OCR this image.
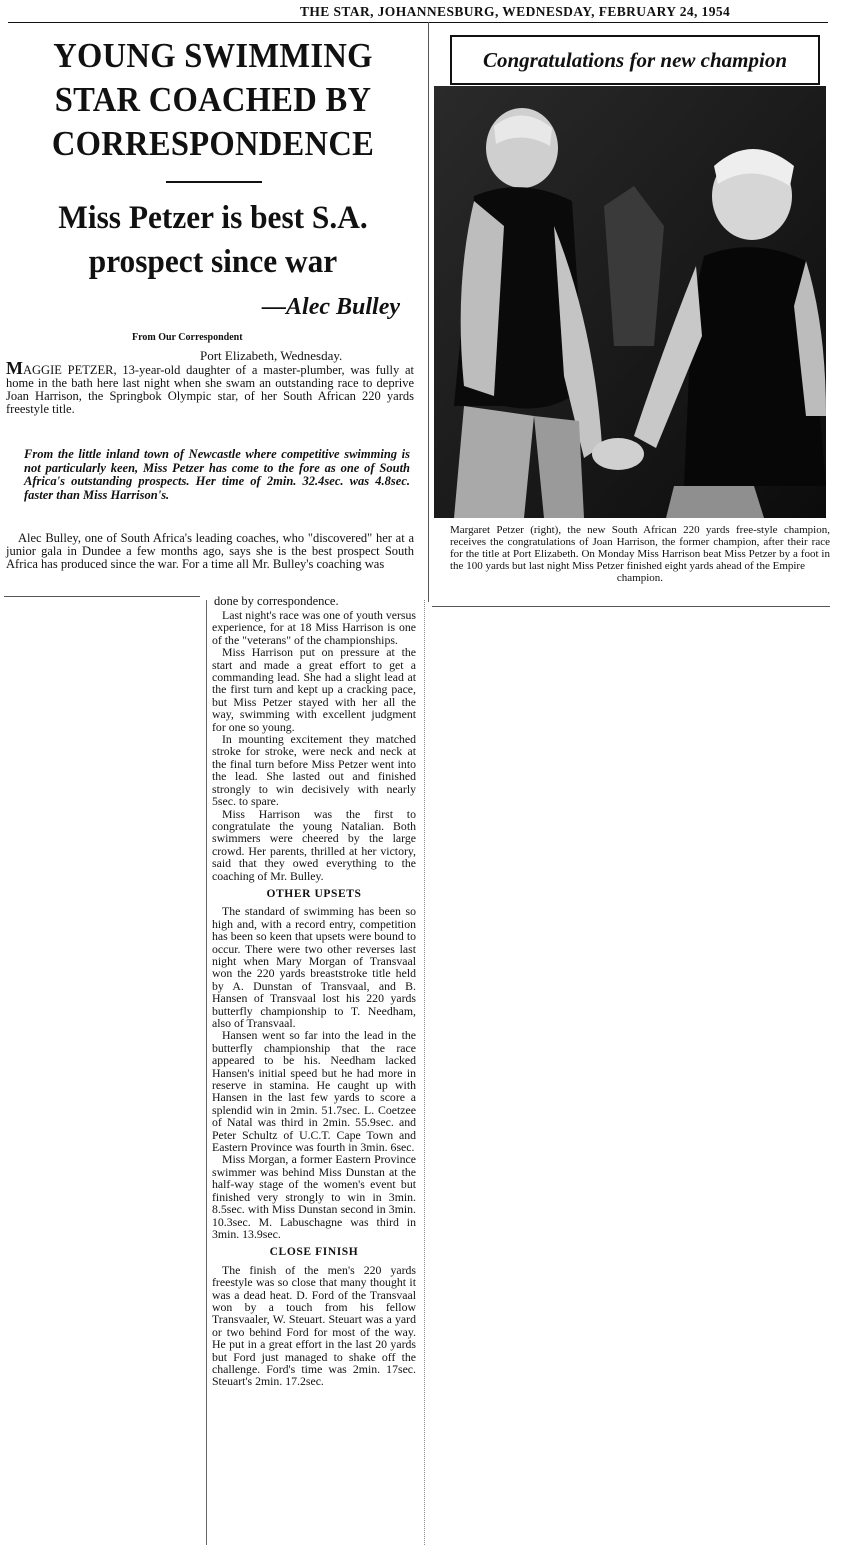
THE STAR, JOHANNESBURG, WEDNESDAY, FEBRUARY 24, 1954
YOUNG SWIMMING
STAR COACHED BY
CORRESPONDENCE
Miss Petzer is best S.A.
prospect since war
—Alec Bulley
From Our Correspondent
Port Elizabeth, Wednesday.

MAGGIE PETZER, 13-year-old daughter of a master-plumber, was fully at home in the bath here last night when she swam an outstanding race to deprive Joan Harrison, the Springbok Olympic star, of her South African 220 yards freestyle title.

From the little inland town of Newcastle where competitive swimming is not particularly keen, Miss Petzer has come to the fore as one of South Africa's outstanding prospects. Her time of 2min. 32.4sec. was 4.8sec. faster than Miss Harrison's.

Alec Bulley, one of South Africa's leading coaches, who "discovered" her at a junior gala in Dundee a few months ago, says she is the best prospect South Africa has produced since the war. For a time all Mr. Bulley's coaching was

done by correspondence.

Last night's race was one of youth versus experience, for at 18 Miss Harrison is one of the "veterans" of the championships.

Miss Harrison put on pressure at the start and made a great effort to get a commanding lead. She had a slight lead at the first turn and kept up a cracking pace, but Miss Petzer stayed with her all the way, swimming with excellent judgment for one so young.

In mounting excitement they matched stroke for stroke, were neck and neck at the final turn before Miss Petzer went into the lead. She lasted out and finished strongly to win decisively with nearly 5sec. to spare.

Miss Harrison was the first to congratulate the young Natalian. Both swimmers were cheered by the large crowd. Her parents, thrilled at her victory, said that they owed everything to the coaching of Mr. Bulley.

OTHER UPSETS

The standard of swimming has been so high and, with a record entry, competition has been so keen that upsets were bound to occur. There were two other reverses last night when Mary Morgan of Transvaal won the 220 yards breaststroke title held by A. Dunstan of Transvaal, and B. Hansen of Transvaal lost his 220 yards butterfly championship to T. Needham, also of Transvaal.

Hansen went so far into the lead in the butterfly championship that the race appeared to be his. Needham lacked Hansen's initial speed but he had more in reserve in stamina. He caught up with Hansen in the last few yards to score a splendid win in 2min. 51.7sec. L. Coetzee of Natal was third in 2min. 55.9sec. and Peter Schultz of U.C.T. Cape Town and Eastern Province was fourth in 3min. 6sec.

Miss Morgan, a former Eastern Province swimmer was behind Miss Dunstan at the half-way stage of the women's event but finished very strongly to win in 3min. 8.5sec. with Miss Dunstan second in 3min. 10.3sec. M. Labuschagne was third in 3min. 13.9sec.

CLOSE FINISH

The finish of the men's 220 yards freestyle was so close that many thought it was a dead heat. D. Ford of the Transvaal won by a touch from his fellow Transvaaler, W. Steuart. Steuart was a yard or two behind Ford for most of the way. He put in a great effort in the last 20 yards but Ford just managed to shake off the challenge. Ford's time was 2min. 17sec. Steuart's 2min. 17.2sec.

Congratulations for new champion
Margaret Petzer (right), the new South African 220 yards free-style champion, receives the congratulations of Joan Harrison, the former champion, after their race for the title at Port Elizabeth. On Monday Miss Harrison beat Miss Petzer by a foot in the 100 yards but last night Miss Petzer finished eight yards ahead of the Empire
champion.
